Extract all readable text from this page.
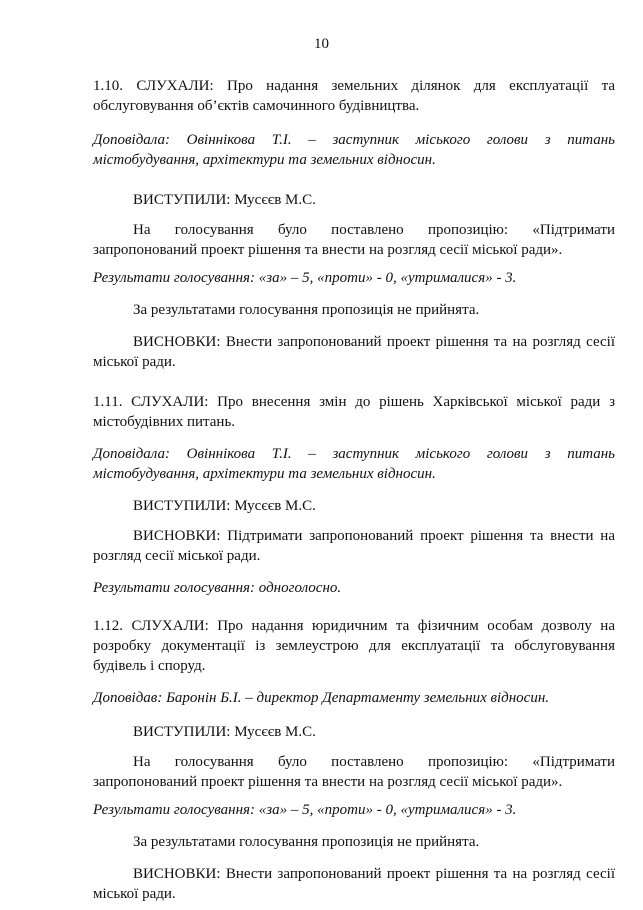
10

1.10. СЛУХАЛИ: Про надання земельних ділянок для експлуатації та обслуговування об’єктів самочинного будівництва.

Доповідала: Овіннікова Т.І. – заступник міського голови з питань містобудування, архітектури та земельних відносин.

ВИСТУПИЛИ: Мусєєв М.С.

На голосування було поставлено пропозицію: «Підтримати запропонований проект рішення та внести на розгляд сесії міської ради».

Результати голосування: «за» – 5, «проти» - 0, «утрималися» - 3.

За результатами голосування пропозиція не прийнята.

ВИСНОВКИ: Внести запропонований проект рішення та на розгляд сесії міської ради.

1.11. СЛУХАЛИ: Про внесення змін до рішень Харківської міської ради з містобудівних питань.

Доповідала: Овіннікова Т.І. – заступник міського голови з питань містобудування, архітектури та земельних відносин.

ВИСТУПИЛИ: Мусєєв М.С.

ВИСНОВКИ: Підтримати запропонований проект рішення та внести на розгляд сесії міської ради.

Результати голосування: одноголосно.

1.12. СЛУХАЛИ: Про надання юридичним та фізичним особам дозволу на розробку документації із землеустрою для експлуатації та обслуговування будівель і споруд.

Доповідав: Баронін Б.І. – директор Департаменту земельних відносин.

ВИСТУПИЛИ: Мусєєв М.С.

На голосування було поставлено пропозицію: «Підтримати запропонований проект рішення та внести на розгляд сесії міської ради».

Результати голосування: «за» – 5, «проти» - 0, «утрималися» - 3.

За результатами голосування пропозиція не прийнята.

ВИСНОВКИ: Внести запропонований проект рішення та на розгляд сесії міської ради.
